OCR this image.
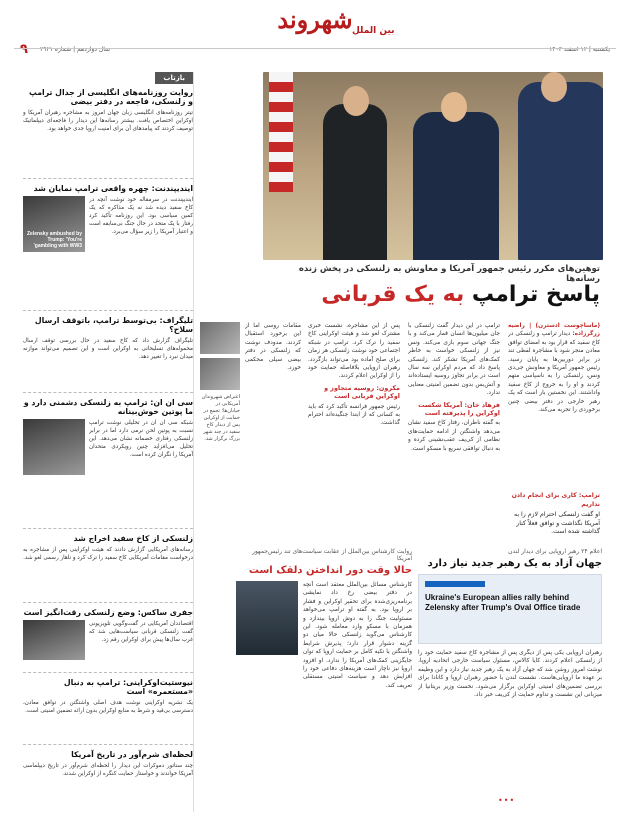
شهروند بین الملل
۹ سال دوازدهم | شماره ۲۹۲۱	یکشنبه | ۱۲ اسفند ۱۴۰۳
توهین‌های مکرر رئیس جمهور آمریکا و معاونش به زلنسکی در پخش زنده رسانه‌ها
پاسخ ترامپ به یک قربانی

(ماساچوست ادسترن) | راضیه زرگرزاده: دیدار ترامپ و زلنسکی در کاخ سفید که قرار بود به امضای توافق معادن منجر شود با مشاجره لفظی تند در برابر دوربین‌ها به پایان رسید. رئیس جمهور آمریکا و معاونش جی‌دی ونس، زلنسکی را به ناسپاسی متهم کردند و او را به خروج از کاخ سفید واداشتند. این نخستین بار است که یک رهبر خارجی در دفتر بیضی چنین برخوردی را تجربه می‌کند.

ترامپ در این دیدار گفت زلنسکی با جان میلیون‌ها انسان قمار می‌کند و با جنگ جهانی سوم بازی می‌کند. ونس نیز از زلنسکی خواست به خاطر کمک‌های آمریکا تشکر کند. زلنسکی پاسخ داد که مردم اوکراین سه سال است در برابر تجاوز روسیه ایستاده‌اند و آتش‌بس بدون تضمین امنیتی معنایی ندارد.

فرهاد خان: آمریکا شکست اوکراین را پذیرفته است

به گفته ناظران، رفتار کاخ سفید نشان می‌دهد واشنگتن از ادامه حمایت‌های نظامی از کی‌یف عقب‌نشینی کرده و به دنبال توافقی سریع با مسکو است.

پس از این مشاجره، نشست خبری مشترک لغو شد و هیئت اوکراینی کاخ سفید را ترک کرد. ترامپ در شبکه اجتماعی خود نوشت زلنسکی هر زمان برای صلح آماده بود می‌تواند بازگردد. رهبران اروپایی بلافاصله حمایت خود را از اوکراین اعلام کردند.

مکرون: روسیه متجاوز و اوکراین قربانی است

رئیس جمهور فرانسه تأکید کرد که باید به کسانی که از ابتدا جنگیده‌اند احترام گذاشت.

مقامات روسی اما از این برخورد استقبال کردند. مدودف نوشت که زلنسکی در دفتر بیضی سیلی محکمی خورد.

ترامپ: کاری برای انجام دادن نداریم
او گفت زلنسکی احترام لازم را به آمریکا نگذاشت و توافق فعلاً کنار گذاشته شده است.
اعتراض شهروندان آمریکایی در خیابان‌ها؛ تجمع در حمایت از اوکراین پس از دیدار کاخ سفید در چند شهر بزرگ برگزار شد.
اعلام ۲۴ رهبر اروپایی برای دیدار لندن
جهان آزاد به یک رهبر جدید نیاز دارد
Ukraine's European allies rally behind Zelensky after Trump's Oval Office tirade
رهبران اروپایی یکی پس از دیگری پس از مشاجره کاخ سفید حمایت خود را از زلنسکی اعلام کردند. کایا کالاس، مسئول سیاست خارجی اتحادیه اروپا، نوشت امروز روشن شد که جهان آزاد به یک رهبر جدید نیاز دارد و این وظیفه بر عهده ما اروپایی‌هاست. نشست لندن با حضور رهبران اروپا و کانادا برای بررسی تضمین‌های امنیتی اوکراین برگزار می‌شود. نخست وزیر بریتانیا از میزبانی این نشست و تداوم حمایت از کی‌یف خبر داد.
•••
روایت کارشناس بین‌الملل از عقابت سیاست‌های تند رئیس‌جمهور آمریکا
حالا وقت دور انداختن دلقک است
کارشناس مسائل بین‌الملل معتقد است آنچه در دفتر بیضی رخ داد نمایشی برنامه‌ریزی‌شده برای تحقیر اوکراین و فشار بر اروپا بود. به گفته او ترامپ می‌خواهد مسئولیت جنگ را به دوش اروپا بیندازد و همزمان با مسکو وارد معامله شود. این کارشناس می‌گوید زلنسکی حالا میان دو گزینه دشوار قرار دارد؛ پذیرش شرایط واشنگتن یا تکیه کامل بر حمایت اروپا که توان جایگزینی کمک‌های آمریکا را ندارد. او افزود اروپا نیز ناچار است هزینه‌های دفاعی خود را افزایش دهد و سیاست امنیتی مستقلی تعریف کند.
بازتاب
روایت روزنامه‌های انگلیسی از جدال ترامپ و زلنسکی، فاجعه در دفتر بیضی
تیتر روزنامه‌های انگلیسی زبان جهان امروز به مشاجره رهبران آمریکا و اوکراین اختصاص یافت. بیشتر رسانه‌ها این دیدار را فاجعه‌ای دیپلماتیک توصیف کردند که پیامدهای آن برای امنیت اروپا جدی خواهد بود.
ایندیپندنت: چهره واقعی ترامپ نمایان شد
Zelensky ambushed by Trump: 'You're gambling with WW3'
ایندیپندنت در سرمقاله خود نوشت آنچه در کاخ سفید دیده شد نه یک مذاکره که یک کمین سیاسی بود. این روزنامه تأکید کرد رفتار با یک متحد در حال جنگ بی‌سابقه است و اعتبار آمریکا را زیر سؤال می‌برد.
تلیگراف: بی‌توسط ترامپ، باتوقف ارسال سلاح؟
تلیگراف گزارش داد که کاخ سفید در حال بررسی توقف ارسال محموله‌های تسلیحاتی به اوکراین است و این تصمیم می‌تواند موازنه میدان نبرد را تغییر دهد.
سی ان ان: ترامپ به زلنسکی دشمنی دارد و ما پوتین خوش‌بینانه
شبکه سی ان ان در تحلیلی نوشت ترامپ نسبت به پوتین لحن نرمی دارد اما در برابر زلنسکی رفتاری خصمانه نشان می‌دهد. این تحلیل می‌افزاید چنین رویکردی متحدان آمریکا را نگران کرده است.
زلنسکی از کاخ سفید اخراج شد
رسانه‌های آمریکایی گزارش دادند که هیئت اوکراینی پس از مشاجره به درخواست مقامات آمریکایی کاخ سفید را ترک کرد و ناهار رسمی لغو شد.
جفری ساکس: وضع زلنسکی رقت‌انگیز است
اقتصاددان آمریکایی در گفت‌وگویی تلویزیونی گفت زلنسکی قربانی سیاست‌هایی شد که غرب سال‌ها پیش برای اوکراین رقم زد.
نیوستیت‌اوکراینی: ترامپ به دنبال «مستعمره» است
یک نشریه اوکراینی نوشت هدف اصلی واشنگتن در توافق معادن، دسترسی بی‌قید و شرط به منابع اوکراین بدون ارائه تضمین امنیتی است.
لحظه‌ای شرم‌آور در تاریخ آمریکا
چند سناتور دموکرات این دیدار را لحظه‌ای شرم‌آور در تاریخ دیپلماسی آمریکا خواندند و خواستار حمایت کنگره از اوکراین شدند.
